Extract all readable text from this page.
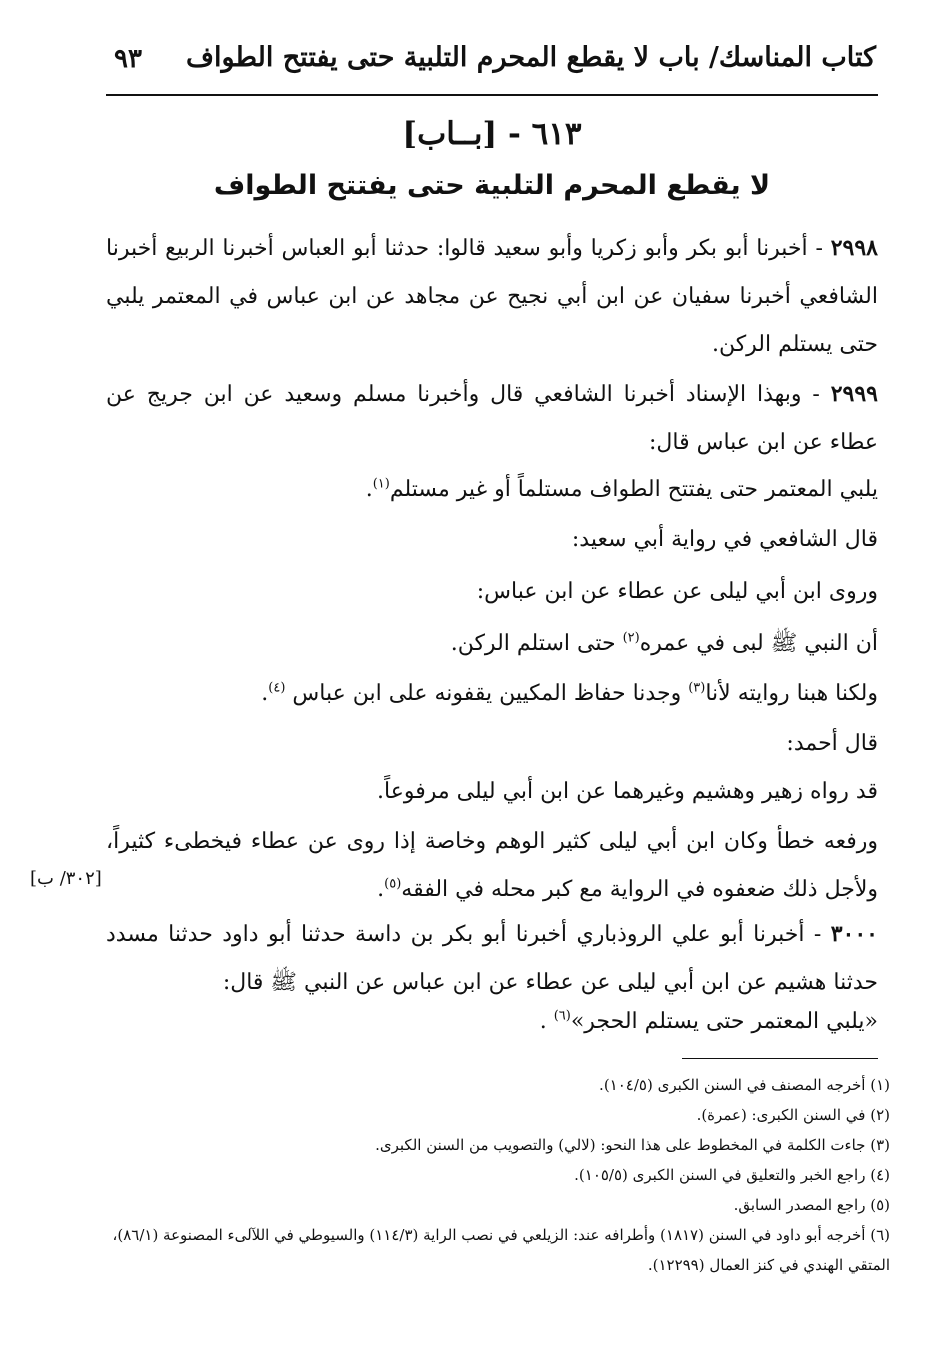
كتاب المناسك/ باب لا يقطع المحرم التلبية حتى يفتتح الطواف
٩٣
٦١٣ - [بــاب]
لا يقطع المحرم التلبية حتى يفتتح الطواف
٢٩٩٨ - أخبرنا أبو بكر وأبو زكريا وأبو سعيد قالوا: حدثنا أبو العباس أخبرنا الربيع أخبرنا الشافعي أخبرنا سفيان عن ابن أبي نجيح عن مجاهد عن ابن عباس في المعتمر يلبي حتى يستلم الركن.
٢٩٩٩ - وبهذا الإسناد أخبرنا الشافعي قال وأخبرنا مسلم وسعيد عن ابن جريج عن عطاء عن ابن عباس قال:
يلبي المعتمر حتى يفتتح الطواف مستلماً أو غير مستلم$^{(١)}$.
قال الشافعي في رواية أبي سعيد:
وروى ابن أبي ليلى عن عطاء عن ابن عباس:
أن النبي ﷺ لبى في عمره$^{(٢)}$ حتى استلم الركن.
ولكنا هبنا روايته لأنا$^{(٣)}$ وجدنا حفاظ المكيين يقفونه على ابن عباس $^{(٤)}$.
قال أحمد:
قد رواه زهير وهشيم وغيرهما عن ابن أبي ليلى مرفوعاً.
ورفعه خطأ وكان ابن أبي ليلى كثير الوهم وخاصة إذا روى عن عطاء فيخطىء كثيراً، ولأجل ذلك ضعفوه في الرواية مع كبر محله في الفقه$^{(٥)}$.
[٣٠٢/ ب]
٣٠٠٠ - أخبرنا أبو علي الروذباري أخبرنا أبو بكر بن داسة حدثنا أبو داود حدثنا مسدد حدثنا هشيم عن ابن أبي ليلى عن عطاء عن ابن عباس عن النبي ﷺ قال:
«يلبي المعتمر حتى يستلم الحجر»$^{(٦)}$ .

(١) أخرجه المصنف في السنن الكبرى (١٠٤/٥).

(٢) في السنن الكبرى: (عمرة).

(٣) جاءت الكلمة في المخطوط على هذا النحو: (لالي) والتصويب من السنن الكبرى.

(٤) راجع الخبر والتعليق في السنن الكبرى (١٠٥/٥).

(٥) راجع المصدر السابق.

(٦) أخرجه أبو داود في السنن (١٨١٧) وأطرافه عند: الزيلعي في نصب الراية (١١٤/٣) والسيوطي في اللآلىء المصنوعة (٨٦/١)، المتقي الهندي في كنز العمال (١٢٢٩٩).
